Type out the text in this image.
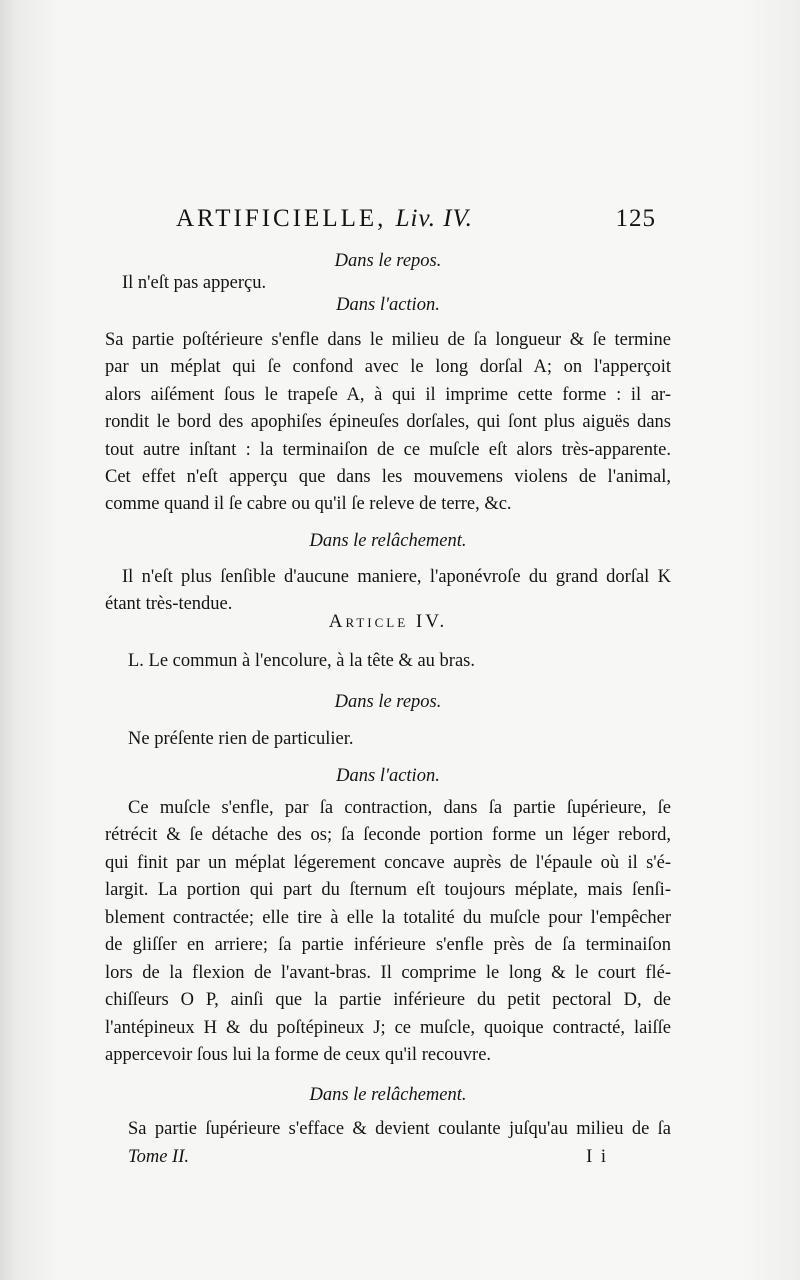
ARTIFICIELLE, Liv. IV.	125
Dans le repos.
Il n'eſt pas apperçu.
Dans l'action.
Sa partie poſtérieure s'enfle dans le milieu de ſa longueur & ſe termine
par un méplat qui ſe confond avec le long dorſal A; on l'apperçoit
alors aiſément ſous le trapeſe A, à qui il imprime cette forme : il ar-
rondit le bord des apophiſes épineuſes dorſales, qui ſont plus aiguës dans
tout autre inſtant : la terminaiſon de ce muſcle eſt alors très-apparente.
Cet effet n'eſt apperçu que dans les mouvemens violens de l'animal,
comme quand il ſe cabre ou qu'il ſe releve de terre, &c.
Dans le relâchement.
Il n'eſt plus ſenſible d'aucune maniere, l'aponévroſe du grand dorſal K
étant très-tendue.
Article IV.
L. Le commun à l'encolure, à la tête & au bras.
Dans le repos.
Ne préſente rien de particulier.
Dans l'action.
Ce muſcle s'enfle, par ſa contraction, dans ſa partie ſupérieure, ſe
rétrécit & ſe détache des os; ſa ſeconde portion forme un léger rebord,
qui finit par un méplat légerement concave auprès de l'épaule où il s'é-
largit. La portion qui part du ſternum eſt toujours méplate, mais ſenſi-
blement contractée; elle tire à elle la totalité du muſcle pour l'empêcher
de gliſſer en arriere; ſa partie inférieure s'enfle près de ſa terminaiſon
lors de la flexion de l'avant-bras. Il comprime le long & le court flé-
chiſſeurs O P, ainſi que la partie inférieure du petit pectoral D, de
l'antépineux H & du poſtépineux J; ce muſcle, quoique contracté, laiſſe
appercevoir ſous lui la forme de ceux qu'il recouvre.
Dans le relâchement.
Sa partie ſupérieure s'efface & devient coulante juſqu'au milieu de ſa
Tome II.	I i
